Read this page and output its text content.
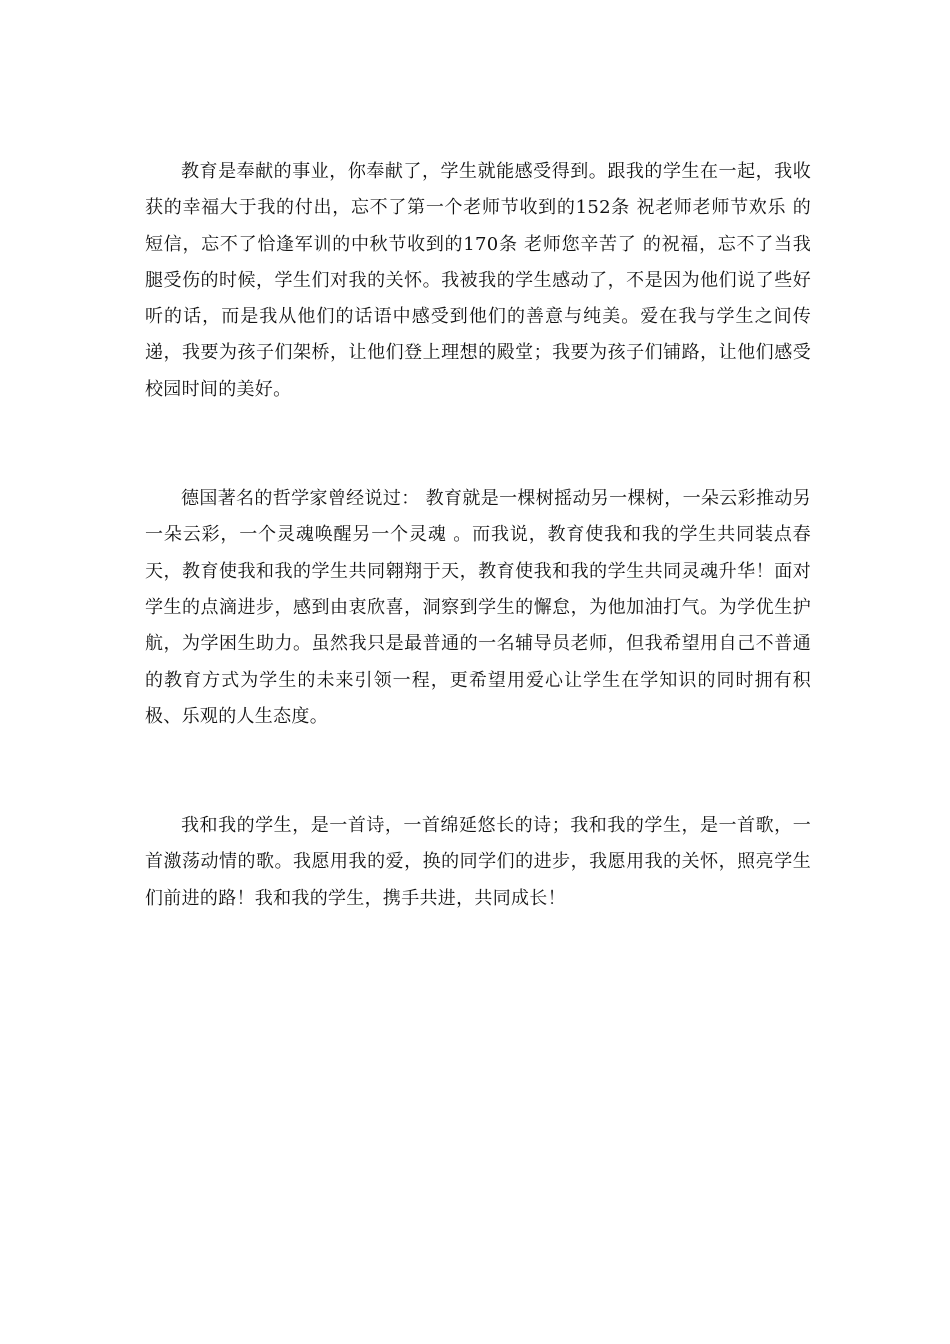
教育是奉献的事业，你奉献了，学生就能感受得到。跟我的学生在一起，我收获的幸福大于我的付出，忘不了第一个老师节收到的152条 祝老师老师节欢乐 的短信，忘不了恰逢军训的中秋节收到的170条 老师您辛苦了 的祝福，忘不了当我腿受伤的时候，学生们对我的关怀。我被我的学生感动了，不是因为他们说了些好听的话，而是我从他们的话语中感受到他们的善意与纯美。爱在我与学生之间传递，我要为孩子们架桥，让他们登上理想的殿堂；我要为孩子们铺路，让他们感受校园时间的美好。

德国著名的哲学家曾经说过： 教育就是一棵树摇动另一棵树，一朵云彩推动另一朵云彩，一个灵魂唤醒另一个灵魂 。而我说，教育使我和我的学生共同装点春天，教育使我和我的学生共同翱翔于天，教育使我和我的学生共同灵魂升华！面对学生的点滴进步，感到由衷欣喜，洞察到学生的懈怠，为他加油打气。为学优生护航，为学困生助力。虽然我只是最普通的一名辅导员老师，但我希望用自己不普通的教育方式为学生的未来引领一程，更希望用爱心让学生在学知识的同时拥有积极、乐观的人生态度。

我和我的学生，是一首诗，一首绵延悠长的诗；我和我的学生，是一首歌，一首激荡动情的歌。我愿用我的爱，换的同学们的进步，我愿用我的关怀，照亮学生们前进的路！我和我的学生，携手共进，共同成长！
